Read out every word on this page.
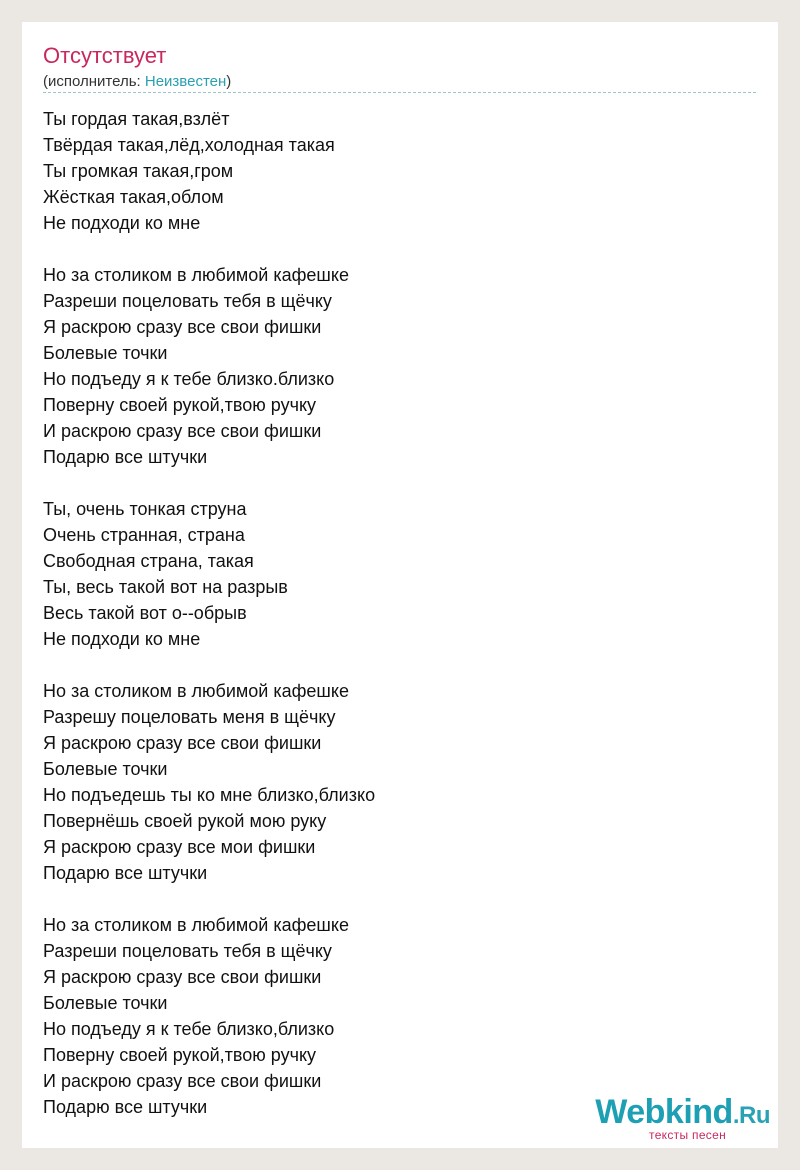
Отсутствует

(исполнитель: Неизвестен)

Ты гордая такая,взлёт
Твёрдая такая,лёд,холодная такая
Ты громкая такая,гром
Жёсткая такая,облом
Не подходи ко мне
Но за столиком в любимой кафешке
Разреши поцеловать тебя в щёчку
Я раскрою сразу все свои фишки
Болевые точки
Но подъеду я к тебе близко.близко
Поверну своей рукой,твою ручку
И раскрою сразу все свои фишки
Подарю все штучки
Ты, очень тонкая струна
Очень странная, страна
Свободная страна, такая
Ты, весь такой вот на разрыв
Весь такой вот о--обрыв
Не подходи ко мне
Но за столиком в любимой кафешке
Разрешу поцеловать меня в щёчку
Я раскрою сразу все свои фишки
Болевые точки
Но подъедешь ты ко мне близко,близко
Повернёшь своей рукой мою руку
Я раскрою сразу все мои фишки
Подарю все штучки
Но за столиком в любимой кафешке
Разреши поцеловать тебя в щёчку
Я раскрою сразу все свои фишки
Болевые точки
Но подъеду я к тебе близко,близко
Поверну своей рукой,твою ручку
И раскрою сразу все свои фишки
Подарю все штучки	Webkind.Ru
тексты песен
